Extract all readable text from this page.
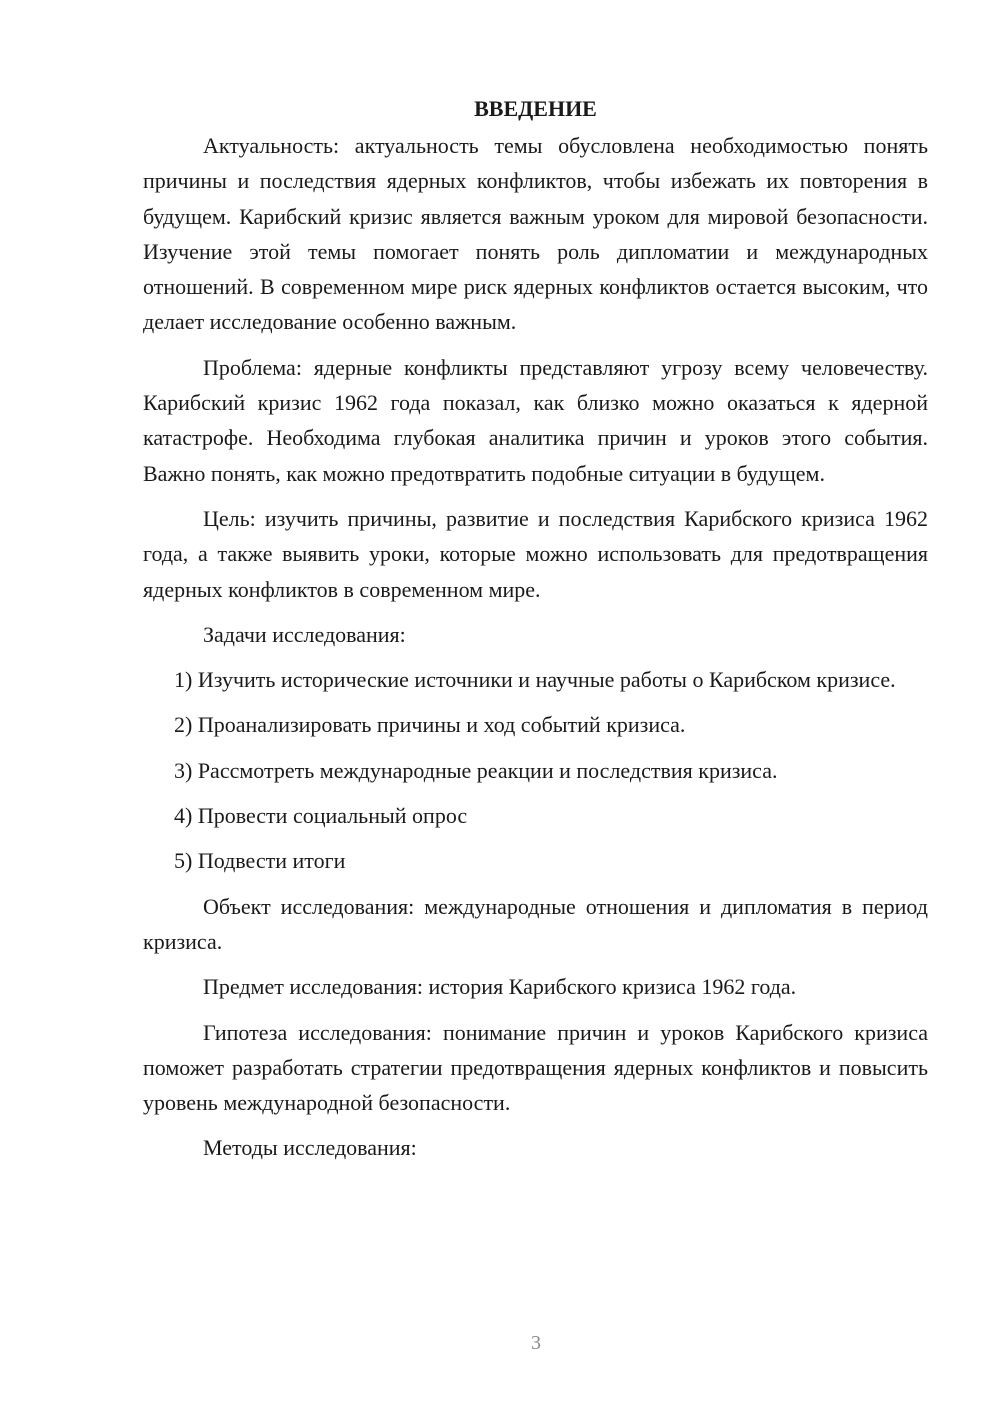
ВВЕДЕНИЕ

Актуальность: актуальность темы обусловлена необходимостью понять причины и последствия ядерных конфликтов, чтобы избежать их повторения в будущем. Карибский кризис является важным уроком для мировой безопасности. Изучение этой темы помогает понять роль дипломатии и международных отношений. В современном мире риск ядерных конфликтов остается высоким, что делает исследование особенно важным.

Проблема: ядерные конфликты представляют угрозу всему человечеству. Карибский кризис 1962 года показал, как близко можно оказаться к ядерной катастрофе. Необходима глубокая аналитика причин и уроков этого события. Важно понять, как можно предотвратить подобные ситуации в будущем.

Цель: изучить причины, развитие и последствия Карибского кризиса 1962 года, а также выявить уроки, которые можно использовать для предотвращения ядерных конфликтов в современном мире.

Задачи исследования:

1) Изучить исторические источники и научные работы о Карибском кризисе.

2) Проанализировать причины и ход событий кризиса.

3) Рассмотреть международные реакции и последствия кризиса.

4) Провести социальный опрос

5) Подвести итоги

Объект исследования: международные отношения и дипломатия в период кризиса.

Предмет исследования: история Карибского кризиса 1962 года.

Гипотеза исследования: понимание причин и уроков Карибского кризиса поможет разработать стратегии предотвращения ядерных конфликтов и повысить уровень международной безопасности.

Методы исследования:

3
